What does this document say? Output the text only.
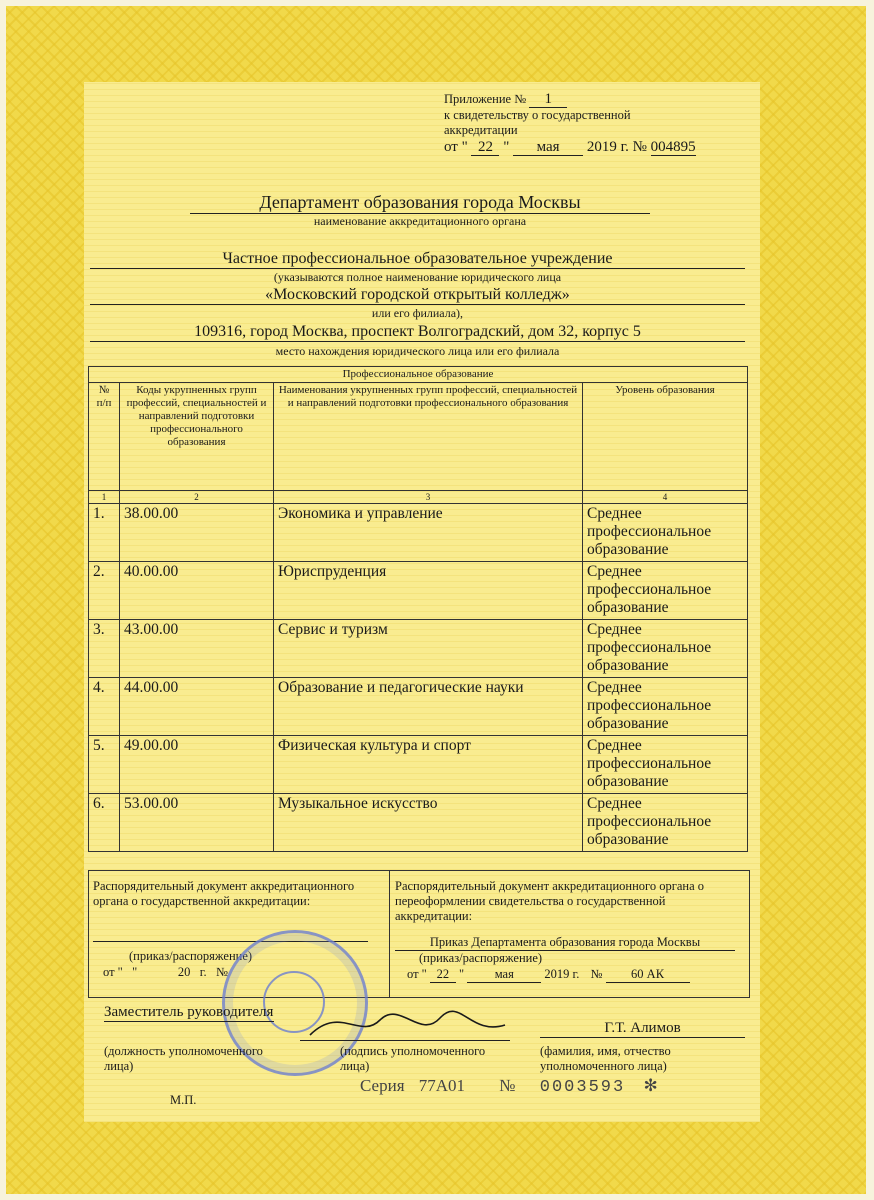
Приложение № 1
к свидетельству о государственной
аккредитации
от " 22 " мая 2019 г. № 004895
Департамент образования города Москвы
наименование аккредитационного органа
Частное профессиональное образовательное учреждение
(указываются полное наименование юридического лица
«Московский городской открытый колледж»
или его филиала),
109316, город Москва, проспект Волгоградский, дом 32, корпус 5
место нахождения юридического лица или его филиала
Профессиональное образование			
№ п/п	Коды укрупненных групп профессий, специальностей и направлений подготовки профессионального образования	Наименования укрупненных групп профессий, специальностей и направлений подготовки профессионального образования	Уровень образования
1	2	3	4
1.	38.00.00	Экономика и управление	Среднее профессиональное образование
2.	40.00.00	Юриспруденция	Среднее профессиональное образование
3.	43.00.00	Сервис и туризм	Среднее профессиональное образование
4.	44.00.00	Образование и педагогические науки	Среднее профессиональное образование
5.	49.00.00	Физическая культура и спорт	Среднее профессиональное образование
6.	53.00.00	Музыкальное искусство	Среднее профессиональное образование
Распорядительный документ аккредитационного органа о государственной аккредитации:
(приказ/распоряжение)
от "   "             20   г.   №
Распорядительный документ аккредитационного органа о переоформлении свидетельства о государственной аккредитации:
Приказ Департамента образования города Москвы
(приказ/распоряжение)
от " 22 " мая 2019 г. № 60 АК
Заместитель руководителя
(должность уполномоченного лица)
(подпись уполномоченного лица)
Г.Т. Алимов
(фамилия, имя, отчество уполномоченного лица)
М.П.
Серия 77А01 № 0003593 ✻
